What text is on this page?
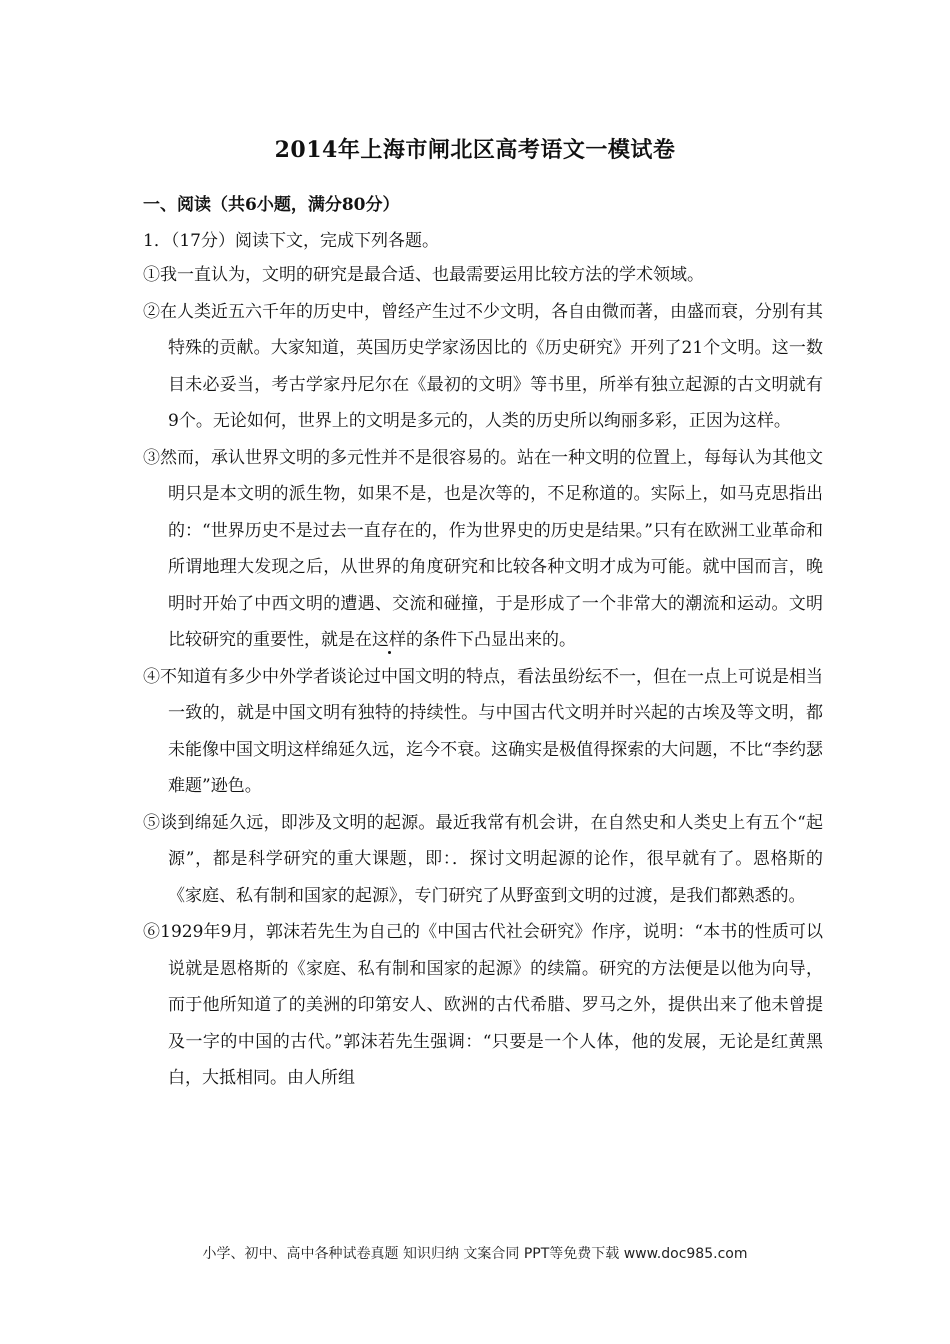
2014年上海市闸北区高考语文一模试卷
一、阅读（共6小题，满分80分）
1．（17分）阅读下文，完成下列各题。

①我一直认为，文明的研究是最合适、也最需要运用比较方法的学术领域。

②在人类近五六千年的历史中，曾经产生过不少文明，各自由微而著，由盛而衰，分别有其特殊的贡献。大家知道，英国历史学家汤因比的《历史研究》开列了21个文明。这一数目未必妥当，考古学家丹尼尔在《最初的文明》等书里，所举有独立起源的古文明就有9个。无论如何，世界上的文明是多元的，人类的历史所以绚丽多彩，正因为这样。

③然而，承认世界文明的多元性并不是很容易的。站在一种文明的位置上，每每认为其他文明只是本文明的派生物，如果不是，也是次等的，不足称道的。实际上，如马克思指出的：“世界历史不是过去一直存在的，作为世界史的历史是结果。”只有在欧洲工业革命和所谓地理大发现之后，从世界的角度研究和比较各种文明才成为可能。就中国而言，晚明时开始了中西文明的遭遇、交流和碰撞，于是形成了一个非常大的潮流和运动。文明比较研究的重要性，就是在这样的条件下凸显出来的。

④不知道有多少中外学者谈论过中国文明的特点，看法虽纷纭不一，但在一点上可说是相当一致的，就是中国文明有独特的持续性。与中国古代文明并时兴起的古埃及等文明，都未能像中国文明这样绵延久远，迄今不衰。这确实是极值得探索的大问题，不比“李约瑟难题”逊色。

⑤谈到绵延久远，即涉及文明的起源。最近我常有机会讲，在自然史和人类史上有五个“起源”，都是科学研究的重大课题，即：．探讨文明起源的论作，很早就有了。恩格斯的《家庭、私有制和国家的起源》，专门研究了从野蛮到文明的过渡，是我们都熟悉的。

⑥1929年9月，郭沫若先生为自己的《中国古代社会研究》作序，说明：“本书的性质可以说就是恩格斯的《家庭、私有制和国家的起源》的续篇。研究的方法便是以他为向导，而于他所知道了的美洲的印第安人、欧洲的古代希腊、罗马之外，提供出来了他未曾提及一字的中国的古代。”郭沫若先生强调：“只要是一个人体，他的发展，无论是红黄黑白，大抵相同。由人所组

小学、初中、高中各种试卷真题 知识归纳 文案合同 PPT等免费下载 www.doc985.com
